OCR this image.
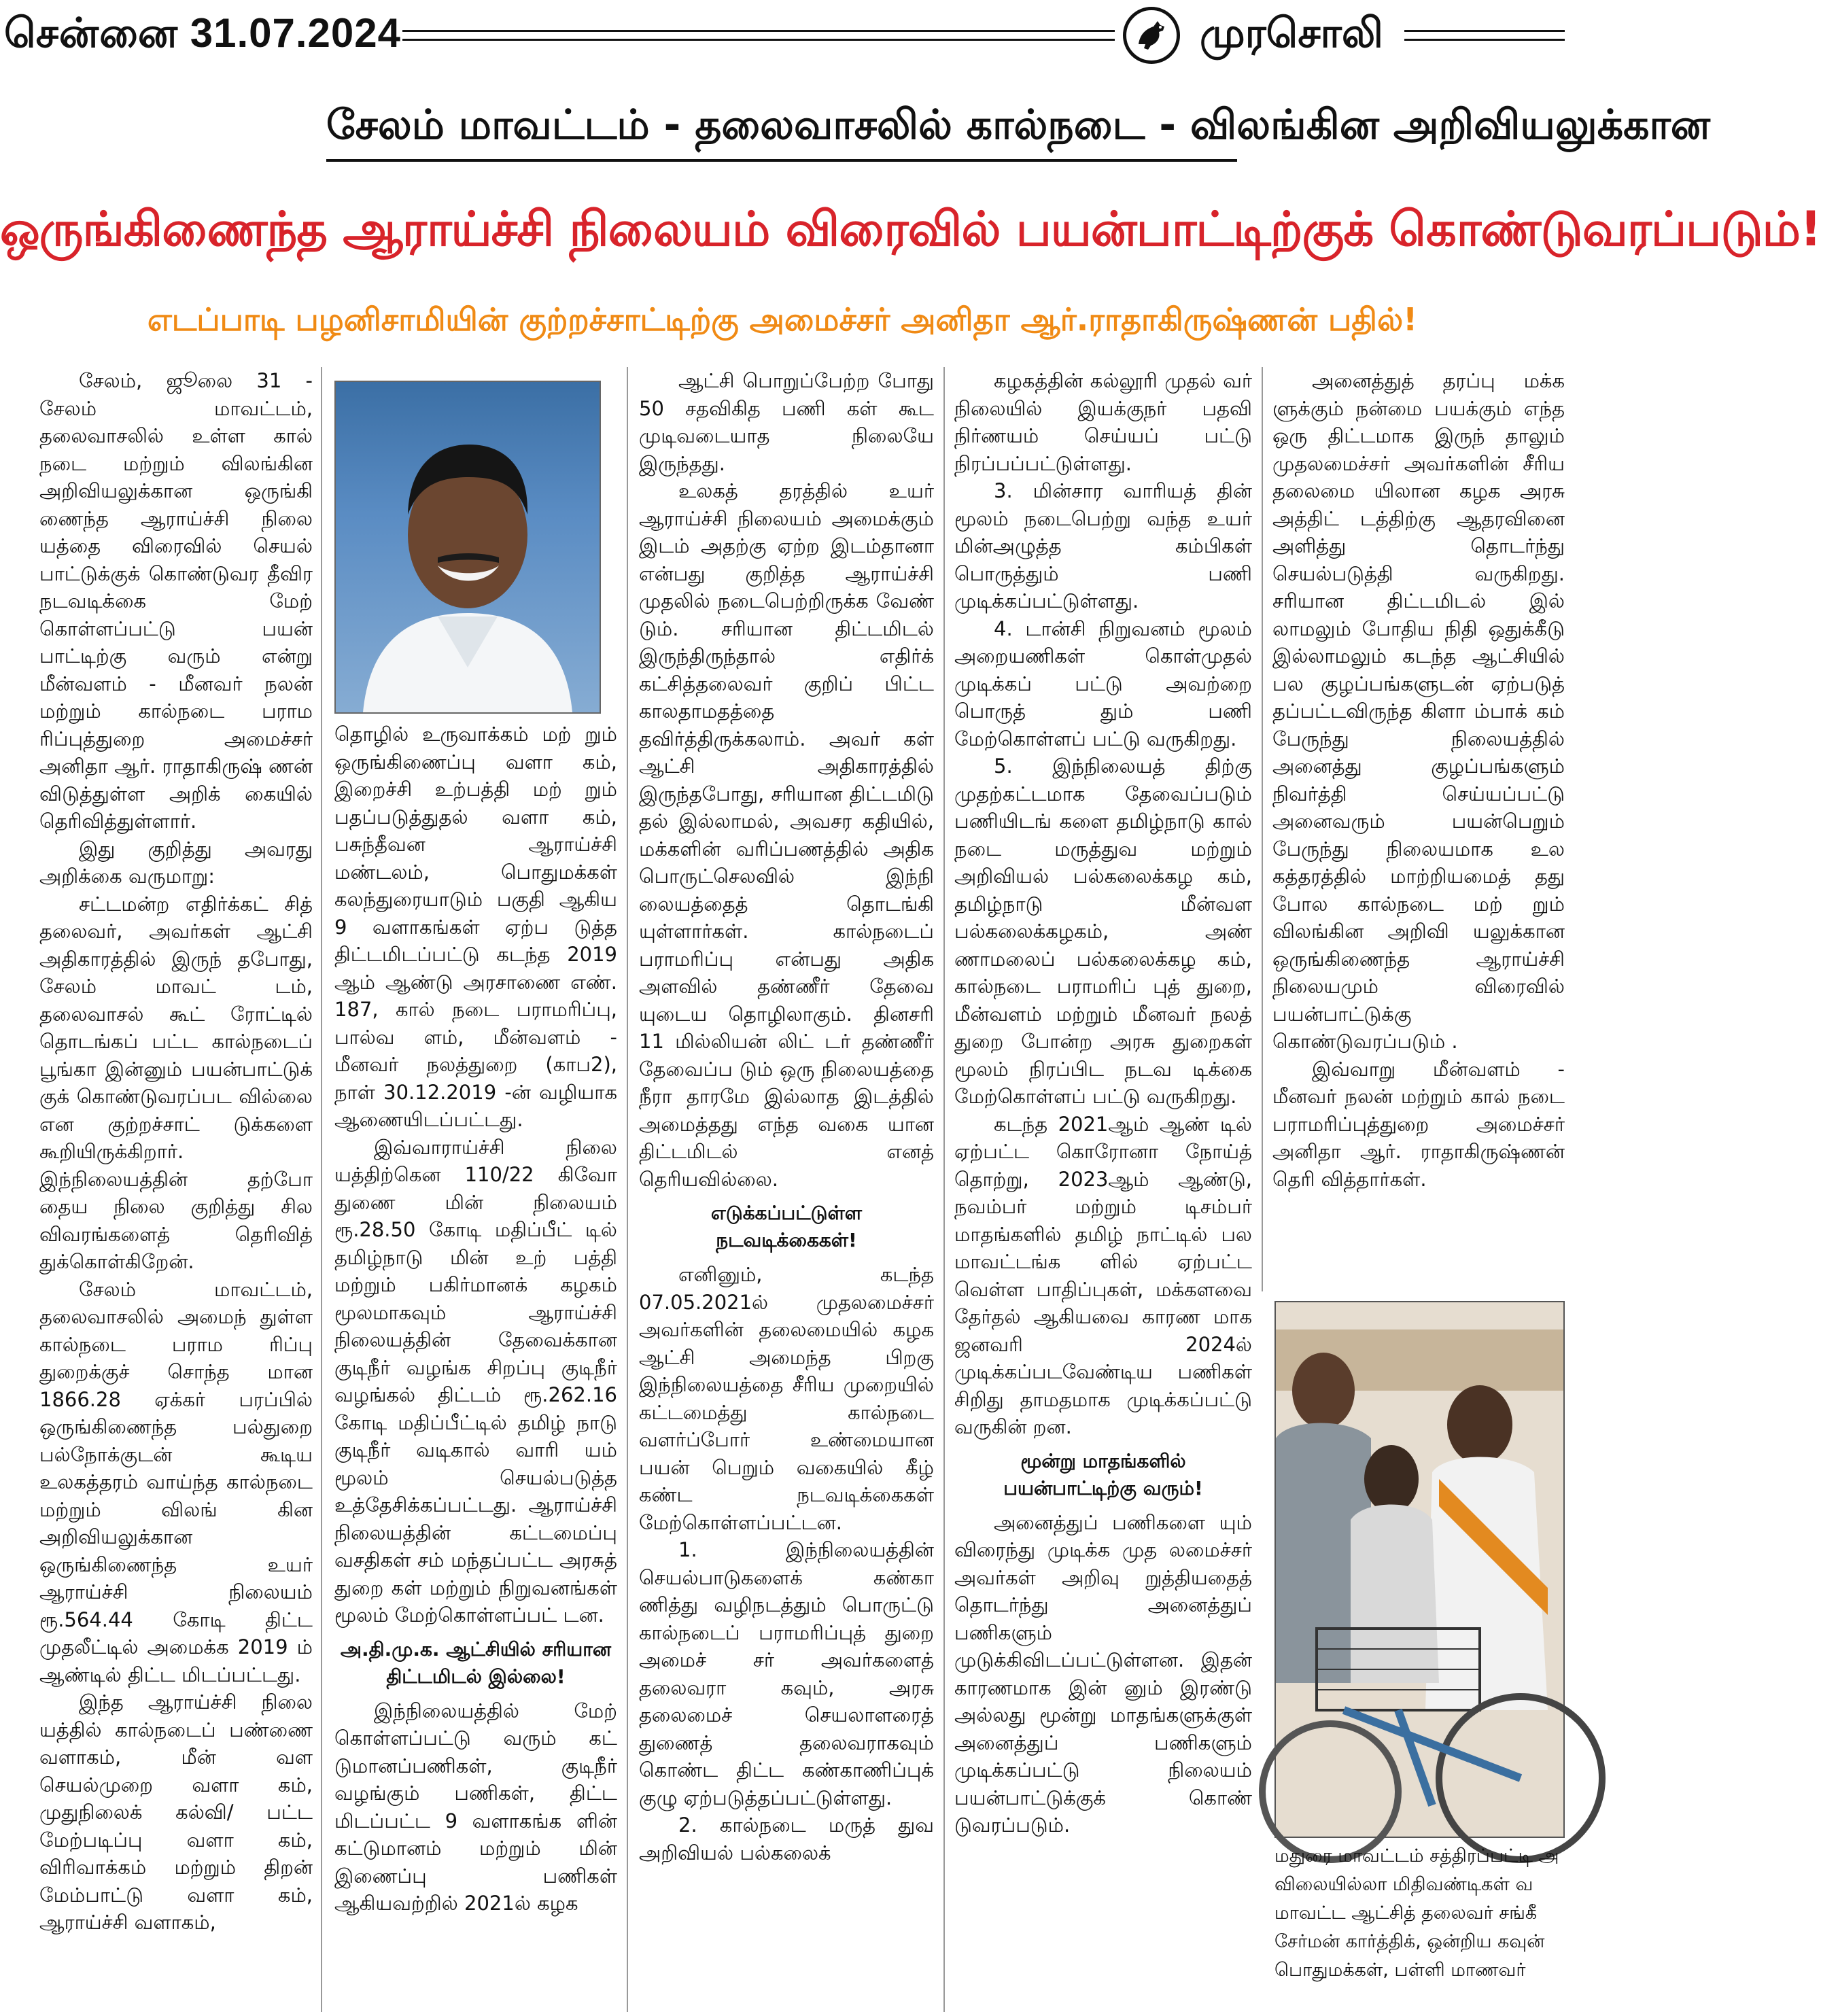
சென்னை 31.07.2024	முரசொலி
சேலம் மாவட்டம் - தலைவாசலில் கால்நடை - விலங்கின அறிவியலுக்கான
ஒருங்கிணைந்த ஆராய்ச்சி நிலையம் விரைவில் பயன்பாட்டிற்குக் கொண்டுவரப்படும்!
எடப்பாடி பழனிசாமியின் குற்றச்சாட்டிற்கு அமைச்சர் அனிதா ஆர்.ராதாகிருஷ்ணன் பதில்!

சேலம், ஜூலை 31 - சேலம் மாவட்டம், தலைவாசலில் உள்ள கால் நடை மற்றும் விலங்கின அறிவியலுக்கான ஒருங்கி ணைந்த ஆராய்ச்சி நிலை யத்தை விரைவில் செயல் பாட்டுக்குக் கொண்டுவர தீவிர நடவடிக்கை மேற் கொள்ளப்பட்டு பயன் பாட்டிற்கு வரும் என்று மீன்வளம் - மீனவர் நலன் மற்றும் கால்நடை பராம ரிப்புத்துறை அமைச்சர் அனிதா ஆர். ராதாகிருஷ் ணன் விடுத்துள்ள அறிக் கையில் தெரிவித்துள்ளார்.

இது குறித்து அவரது அறிக்கை வருமாறு:

சட்டமன்ற எதிர்க்கட் சித் தலைவர், அவர்கள் ஆட்சி அதிகாரத்தில் இருந் தபோது, சேலம் மாவட் டம், தலைவாசல் கூட் ரோட்டில் தொடங்கப் பட்ட கால்நடைப் பூங்கா இன்னும் பயன்பாட்டுக் குக் கொண்டுவரப்பட வில்லை என குற்றச்சாட் டுக்களை கூறியிருக்கிறார். இந்நிலையத்தின் தற்போ தைய நிலை குறித்து சில விவரங்களைத் தெரிவித் துக்கொள்கிறேன்.

சேலம் மாவட்டம், தலைவாசலில் அமைந் துள்ள கால்நடை பராம ரிப்பு துறைக்குச் சொந்த மான 1866.28 ஏக்கர் பரப்பில் ஒருங்கிணைந்த பல்துறை பல்நோக்குடன் கூடிய உலகத்தரம் வாய்ந்த கால்நடை மற்றும் விலங் கின அறிவியலுக்கான ஒருங்கிணைந்த உயர் ஆராய்ச்சி நிலையம் ரூ.564.44 கோடி திட்ட முதலீட்டில் அமைக்க 2019 ம் ஆண்டில் திட்ட மிடப்பட்டது.

இந்த ஆராய்ச்சி நிலை யத்தில் கால்நடைப் பண்ணை வளாகம், மீன் வள செயல்முறை வளா கம், முதுநிலைக் கல்வி/ பட்ட மேற்படிப்பு வளா கம், விரிவாக்கம் மற்றும் திறன் மேம்பாட்டு வளா கம், ஆராய்ச்சி வளாகம்,

தொழில் உருவாக்கம் மற் றும் ஒருங்கிணைப்பு வளா கம், இறைச்சி உற்பத்தி மற் றும் பதப்படுத்துதல் வளா கம், பசுந்தீவன ஆராய்ச்சி மண்டலம், பொதுமக்கள் கலந்துரையாடும் பகுதி ஆகிய 9 வளாகங்கள் ஏற்ப டுத்த திட்டமிடப்பட்டு கடந்த 2019 ஆம் ஆண்டு அரசாணை எண். 187, கால் நடை பராமரிப்பு, பால்வ ளம், மீன்வளம் - மீனவர் நலத்துறை (காப2), நாள் 30.12.2019 -ன் வழியாக ஆணையிடப்பட்டது.

இவ்வாராய்ச்சி நிலை யத்திற்கென 110/22 கிவோ துணை மின் நிலையம் ரூ.28.50 கோடி மதிப்பீட் டில் தமிழ்நாடு மின் உற் பத்தி மற்றும் பகிர்மானக் கழகம் மூலமாகவும் ஆராய்ச்சி நிலையத்தின் தேவைக்கான குடிநீர் வழங்க சிறப்பு குடிநீர் வழங்கல் திட்டம் ரூ.262.16 கோடி மதிப்பீட்டில் தமிழ் நாடு குடிநீர் வடிகால் வாரி யம் மூலம் செயல்படுத்த உத்தேசிக்கப்பட்டது. ஆராய்ச்சி நிலையத்தின் கட்டமைப்பு வசதிகள் சம் மந்தப்பட்ட அரசுத் துறை கள் மற்றும் நிறுவனங்கள் மூலம் மேற்கொள்ளப்பட் டன.

அ.தி.மு.க. ஆட்சியில் சரியான திட்டமிடல் இல்லை!

இந்நிலையத்தில் மேற் கொள்ளப்பட்டு வரும் கட் டுமானப்பணிகள், குடிநீர் வழங்கும் பணிகள், திட்ட மிடப்பட்ட 9 வளாகங்க ளின் கட்டுமானம் மற்றும் மின் இணைப்பு பணிகள் ஆகியவற்றில் 2021ல் கழக

ஆட்சி பொறுப்பேற்ற போது 50 சதவிகித பணி கள் கூட முடிவடையாத நிலையே இருந்தது.

உலகத் தரத்தில் உயர் ஆராய்ச்சி நிலையம் அமைக்கும் இடம் அதற்கு ஏற்ற இடம்தானா என்பது குறித்த ஆராய்ச்சி முதலில் நடைபெற்றிருக்க வேண் டும். சரியான திட்டமிடல் இருந்திருந்தால் எதிர்க் கட்சித்தலைவர் குறிப் பிட்ட காலதாமதத்தை தவிர்த்திருக்கலாம். அவர் கள் ஆட்சி அதிகாரத்தில் இருந்தபோது, சரியான திட்டமிடு தல் இல்லாமல், அவசர கதியில், மக்களின் வரிப்பணத்தில் அதிக பொருட்செலவில் இந்நி லையத்தைத் தொடங்கி யுள்ளார்கள். கால்நடைப் பராமரிப்பு என்பது அதிக அளவில் தண்ணீர் தேவை யுடைய தொழிலாகும். தினசரி 11 மில்லியன் லிட் டர் தண்ணீர் தேவைப்ப டும் ஒரு நிலையத்தை நீரா தாரமே இல்லாத இடத்தில் அமைத்தது எந்த வகை யான திட்டமிடல் எனத் தெரியவில்லை.

எடுக்கப்பட்டுள்ள நடவடிக்கைகள்!

எனினும், கடந்த 07.05.2021ல் முதலமைச்சர் அவர்களின் தலைமையில் கழக ஆட்சி அமைந்த பிறகு இந்நிலையத்தை சீரிய முறையில் கட்டமைத்து கால்நடை வளர்ப்போர் உண்மையான பயன் பெறும் வகையில் கீழ் கண்ட நடவடிக்கைகள் மேற்கொள்ளப்பட்டன.

1. இந்நிலையத்தின் செயல்பாடுகளைக் கண்கா ணித்து வழிநடத்தும் பொருட்டு கால்நடைப் பராமரிப்புத் துறை அமைச் சர் அவர்களைத் தலைவரா கவும், அரசு தலைமைச் செயலாளரைத் துணைத் தலைவராகவும் கொண்ட திட்ட கண்காணிப்புக் குழு ஏற்படுத்தப்பட்டுள்ளது.

2. கால்நடை மருத் துவ அறிவியல் பல்கலைக்

கழகத்தின் கல்லூரி முதல் வர் நிலையில் இயக்குநர் பதவி நிர்ணயம் செய்யப் பட்டு நிரப்பப்பட்டுள்ளது.

3. மின்சார வாரியத் தின் மூலம் நடைபெற்று வந்த உயர் மின்அழுத்த கம்பிகள் பொருத்தும் பணி முடிக்கப்பட்டுள்ளது.

4. டான்சி நிறுவனம் மூலம் அறையணிகள் கொள்முதல் முடிக்கப் பட்டு அவற்றை பொருத் தும் பணி மேற்கொள்ளப் பட்டு வருகிறது.

5. இந்நிலையத் திற்கு முதற்கட்டமாக தேவைப்படும் பணியிடங் களை தமிழ்நாடு கால் நடை மருத்துவ மற்றும் அறிவியல் பல்கலைக்கழ கம், தமிழ்நாடு மீன்வள பல்கலைக்கழகம், அண் ணாமலைப் பல்கலைக்கழ கம், கால்நடை பராமரிப் புத் துறை, மீன்வளம் மற்றும் மீனவர் நலத் துறை போன்ற அரசு துறைகள் மூலம் நிரப்பிட நடவ டிக்கை மேற்கொள்ளப் பட்டு வருகிறது.

கடந்த 2021ஆம் ஆண் டில் ஏற்பட்ட கொரோனா நோய்த் தொற்று, 2023ஆம் ஆண்டு, நவம்பர் மற்றும் டிசம்பர் மாதங்களில் தமிழ் நாட்டில் பல மாவட்டங்க ளில் ஏற்பட்ட வெள்ள பாதிப்புகள், மக்களவை தேர்தல் ஆகியவை காரண மாக ஜனவரி 2024ல் முடிக்கப்படவேண்டிய பணிகள் சிறிது தாமதமாக முடிக்கப்பட்டு வருகின் றன.

மூன்று மாதங்களில் பயன்பாட்டிற்கு வரும்!

அனைத்துப் பணிகளை யும் விரைந்து முடிக்க முத லமைச்சர் அவர்கள் அறிவு றுத்தியதைத் தொடர்ந்து அனைத்துப் பணிகளும் முடுக்கிவிடப்பட்டுள்ளன. இதன் காரணமாக இன் னும் இரண்டு அல்லது மூன்று மாதங்களுக்குள் அனைத்துப் பணிகளும் முடிக்கப்பட்டு நிலையம் பயன்பாட்டுக்குக் கொண் டுவரப்படும்.

அனைத்துத் தரப்பு மக்க ளுக்கும் நன்மை பயக்கும் எந்த ஒரு திட்டமாக இருந் தாலும் முதலமைச்சர் அவர்களின் சீரிய தலைமை யிலான கழக அரசு அத்திட் டத்திற்கு ஆதரவினை அளித்து தொடர்ந்து செயல்படுத்தி வருகிறது. சரியான திட்டமிடல் இல் லாமலும் போதிய நிதி ஒதுக்கீடு இல்லாமலும் கடந்த ஆட்சியில் பல குழப்பங்களுடன் ஏற்படுத் தப்பட்டவிருந்த கிளா ம்பாக் கம் பேருந்து நிலையத்தில் அனைத்து குழப்பங்களும் நிவர்த்தி செய்யப்பட்டு அனைவரும் பயன்பெறும் பேருந்து நிலையமாக உல கத்தரத்தில் மாற்றியமைத் தது போல கால்நடை மற் றும் விலங்கின அறிவி யலுக்கான ஒருங்கிணைந்த ஆராய்ச்சி நிலையமும் விரைவில் பயன்பாட்டுக்கு கொண்டுவரப்படும் .

இவ்வாறு மீன்வளம் - மீனவர் நலன் மற்றும் கால் நடை பராமரிப்புத்துறை அமைச்சர் அனிதா ஆர். ராதாகிருஷ்ணன் தெரி வித்தார்கள்.

மதுரை மாவட்டம் சத்திரப்பட்டி அ
விலையில்லா மிதிவண்டிகள் வ
மாவட்ட ஆட்சித் தலைவர் சங்கீ
சேர்மன் கார்த்திக், ஒன்றிய கவுன்
பொதுமக்கள், பள்ளி மாணவர்
